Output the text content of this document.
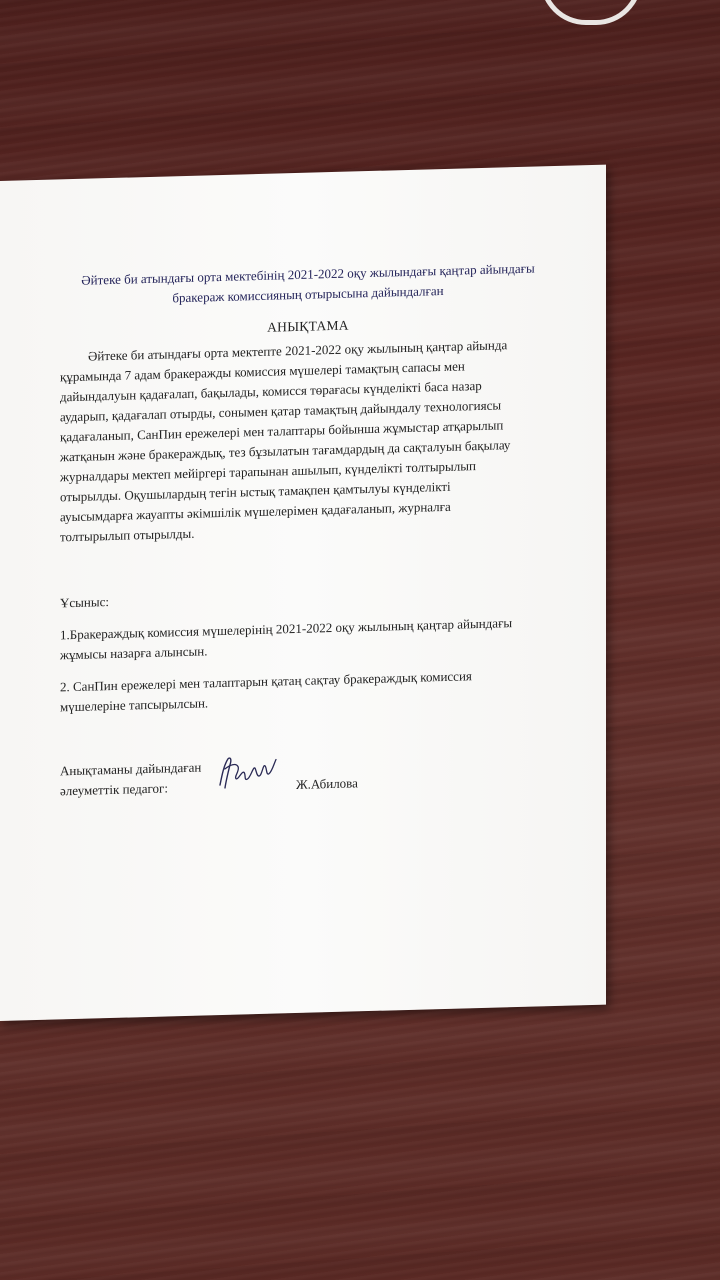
Әйтеке би атындағы орта мектебінің 2021-2022 оқу жылындағы қаңтар айындағы
бракераж комиссияның отырысына дайындалған
АНЫҚТАМА
Әйтеке би атындағы орта мектепте 2021-2022 оқу жылының қаңтар айында
құрамында 7 адам бракеражды комиссия мүшелері тамақтың сапасы мен
дайындалуын қадағалап, бақылады, комисся төрағасы күнделікті баса назар
аударып, қадағалап отырды, сонымен қатар тамақтың дайындалу технологиясы
қадағаланып, СанПин ережелері мен талаптары бойынша жұмыстар атқарылып
жатқанын және бракераждық, тез бұзылатын тағамдардың да сақталуын бақылау
журналдары мектеп мейіргері тарапынан ашылып, күнделікті толтырылып
отырылды. Оқушылардың тегін ыстық тамақпен қамтылуы күнделікті
ауысымдарға жауапты әкімшілік мүшелерімен қадағаланып, журналға
толтырылып отырылды.
Ұсыныс:
1.Бракераждық комиссия мүшелерінің 2021-2022 оқу жылының қаңтар айындағы
жұмысы назарға алынсын.
2. СанПин ережелері мен талаптарын қатаң сақтау бракераждық комиссия
мүшелеріне тапсырылсын.
Анықтаманы дайындаған
әлеуметтік педагог:	Ж.Абилова
